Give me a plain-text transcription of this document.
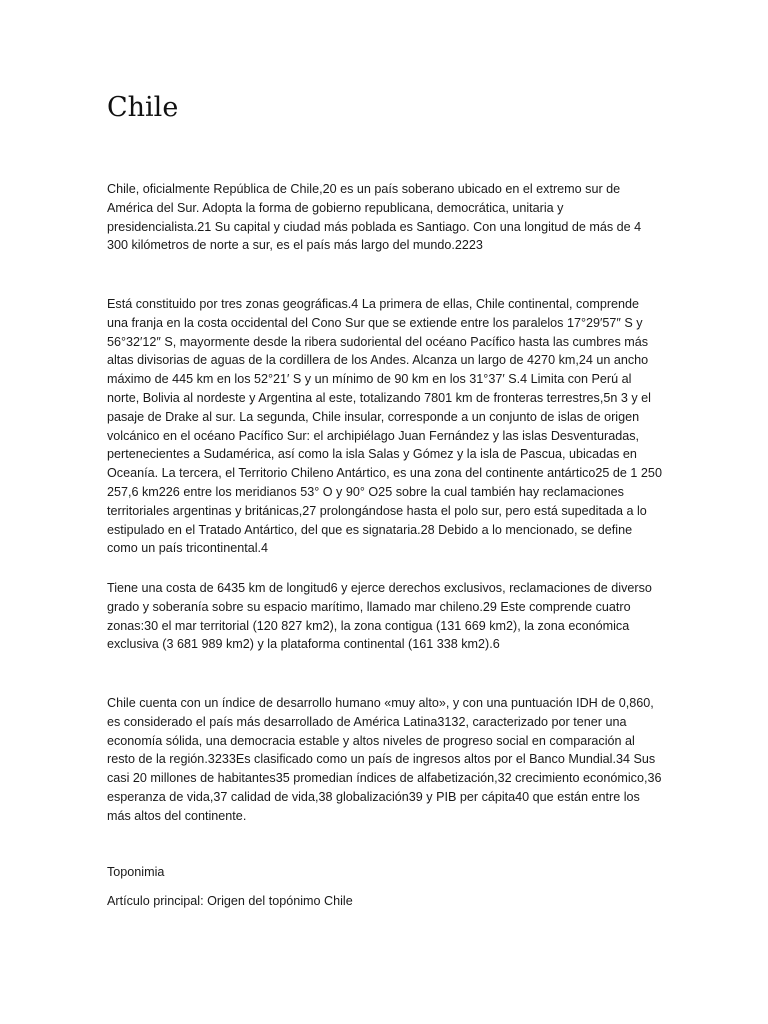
Chile

Chile, oficialmente República de Chile,20 es un país soberano ubicado en el extremo sur de América del Sur. Adopta la forma de gobierno republicana, democrática, unitaria y presidencialista.21 Su capital y ciudad más poblada es Santiago. Con una longitud de más de 4 300 kilómetros de norte a sur, es el país más largo del mundo.2223

Está constituido por tres zonas geográficas.4 La primera de ellas, Chile continental, comprende una franja en la costa occidental del Cono Sur que se extiende entre los paralelos 17°29′57″ S y 56°32′12″ S, mayormente desde la ribera sudoriental del océano Pacífico hasta las cumbres más altas divisorias de aguas de la cordillera de los Andes. Alcanza un largo de 4270 km,24 un ancho máximo de 445 km en los 52°21′ S y un mínimo de 90 km en los 31°37′ S.4 Limita con Perú al norte, Bolivia al nordeste y Argentina al este, totalizando 7801 km de fronteras terrestres,5n 3 y el pasaje de Drake al sur. La segunda, Chile insular, corresponde a un conjunto de islas de origen volcánico en el océano Pacífico Sur: el archipiélago Juan Fernández y las islas Desventuradas, pertenecientes a Sudamérica, así como la isla Salas y Gómez y la isla de Pascua, ubicadas en Oceanía. La tercera, el Territorio Chileno Antártico, es una zona del continente antártico25 de 1 250 257,6 km226 entre los meridianos 53° O y 90° O25 sobre la cual también hay reclamaciones territoriales argentinas y británicas,27 prolongándose hasta el polo sur, pero está supeditada a lo estipulado en el Tratado Antártico, del que es signataria.28 Debido a lo mencionado, se define como un país tricontinental.4

Tiene una costa de 6435 km de longitud6 y ejerce derechos exclusivos, reclamaciones de diverso grado y soberanía sobre su espacio marítimo, llamado mar chileno.29 Este comprende cuatro zonas:30 el mar territorial (120 827 km2), la zona contigua (131 669 km2), la zona económica exclusiva (3 681 989 km2) y la plataforma continental (161 338 km2).6

Chile cuenta con un índice de desarrollo humano «muy alto», y con una puntuación IDH de 0,860, es considerado el país más desarrollado de América Latina3132, caracterizado por tener una economía sólida, una democracia estable y altos niveles de progreso social en comparación al resto de la región.3233Es clasificado como un país de ingresos altos por el Banco Mundial.34 Sus casi 20 millones de habitantes35 promedian índices de alfabetización,32 crecimiento económico,36 esperanza de vida,37 calidad de vida,38 globalización39 y PIB per cápita40 que están entre los más altos del continente.

Toponimia

Artículo principal: Origen del topónimo Chile
